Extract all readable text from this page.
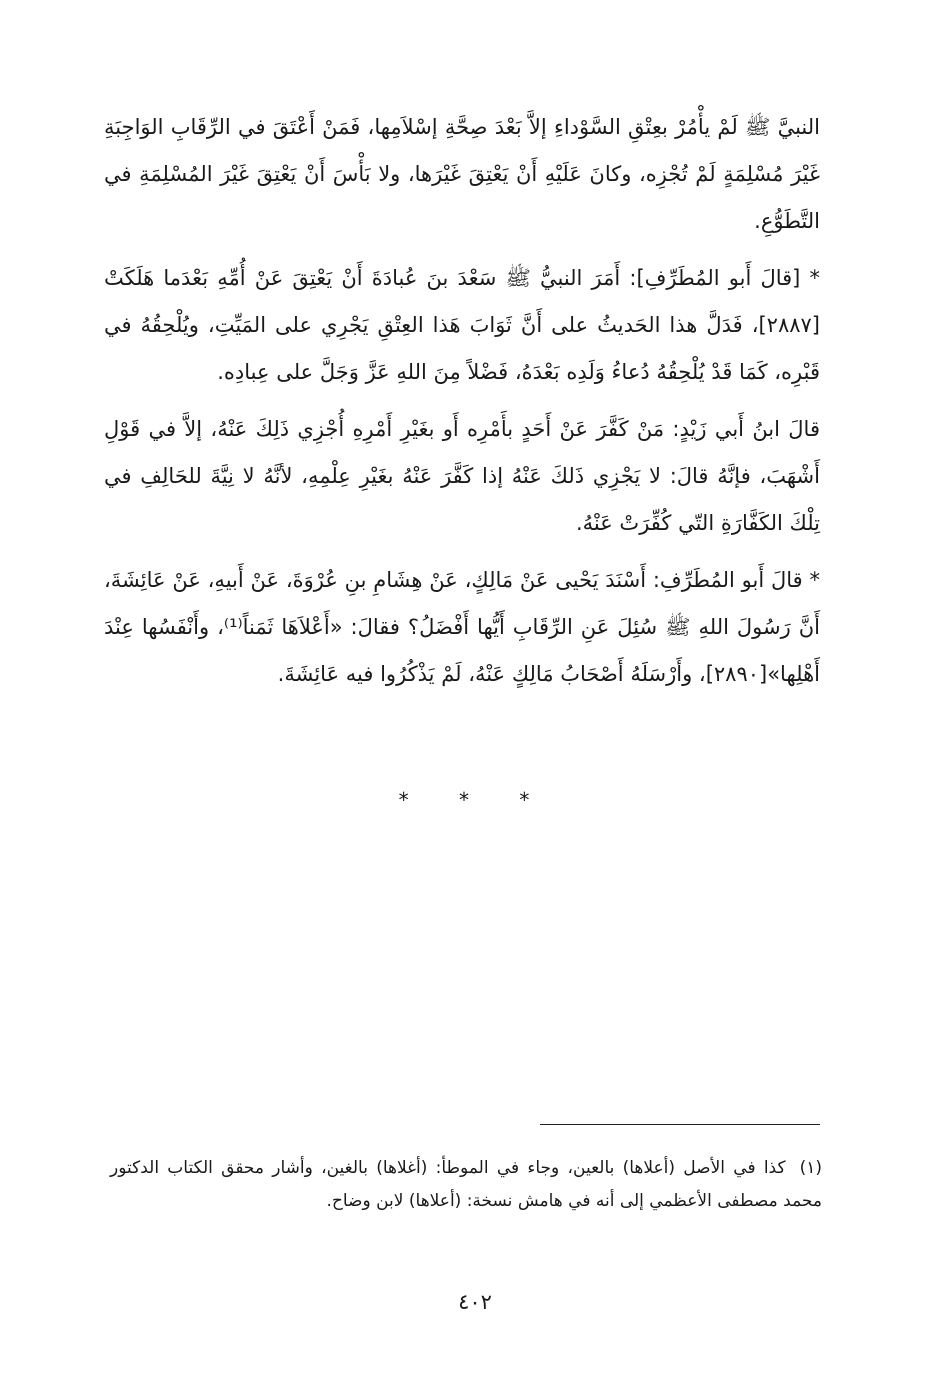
النبيَّ ﷺ لَمْ يأْمُرْ بعِتْقِ السَّوْداءِ إلاَّ بَعْدَ صِحَّةِ إسْلاَمِها، فَمَنْ أَعْتَقَ في الرِّقَابِ الوَاجِبَةِ غَيْرَ مُسْلِمَةٍ لَمْ تُجْزِه، وكانَ عَلَيْهِ أَنْ يَعْتِقَ غَيْرَها، ولا بَأْسَ أَنْ يَعْتِقَ غَيْرَ المُسْلِمَةِ في التَّطَوُّعِ.

* [قالَ أَبو المُطَرِّفِ]: أَمَرَ النبيُّ ﷺ سَعْدَ بنَ عُبادَةَ أَنْ يَعْتِقَ عَنْ أُمِّهِ بَعْدَما هَلَكَتْ [٢٨٨٧]، فَدَلَّ هذا الحَديثُ على أَنَّ ثَوَابَ هَذا العِتْقِ يَجْرِي على المَيِّتِ، ويُلْحِقُهُ في قَبْرِه، كَمَا قَدْ يُلْحِقُهُ دُعاءُ وَلَدِه بَعْدَهُ، فَضْلاً مِنَ اللهِ عَزَّ وَجَلَّ على عِبادِه.

قالَ ابنُ أَبي زَيْدٍ: مَنْ كَفَّرَ عَنْ أَحَدٍ بأَمْرِه أَو بغَيْرِ أَمْرِهِ أُجْزِي ذَلِكَ عَنْهُ، إلاَّ في قَوْلِ أَشْهَبَ، فإنَّهُ قالَ: لا يَجْزِي ذَلكَ عَنْهُ إذا كَفَّرَ عَنْهُ بغَيْرِ عِلْمِهِ، لأنَّهُ لا نِيَّةَ للحَالِفِ في تِلْكَ الكَفَّارَةِ التّي كُفِّرَتْ عَنْهُ.

* قالَ أَبو المُطَرِّفِ: أَسْنَدَ يَحْيى عَنْ مَالِكٍ، عَنْ هِشَامِ بنِ عُرْوَةَ، عَنْ أَبيهِ، عَنْ عَائِشَةَ، أَنَّ رَسُولَ اللهِ ﷺ سُئِلَ عَنِ الرِّقَابِ أَيُّها أَفْضَلُ؟ فقالَ: «أَعْلاَهَا ثَمَناً⁽¹⁾، وأَنْفَسُها عِنْدَ أَهْلِها»[٢٨٩٠]، وأَرْسَلَهُ أَصْحَابُ مَالِكٍ عَنْهُ، لَمْ يَذْكُرُوا فيه عَائِشَةَ.

* * *
(١)كذا في الأصل (أعلاها) بالعين، وجاء في الموطأ: (أغلاها) بالغين، وأشار محقق الكتاب الدكتور محمد مصطفى الأعظمي إلى أنه في هامش نسخة: (أعلاها) لابن وضاح.
٤٠٢
